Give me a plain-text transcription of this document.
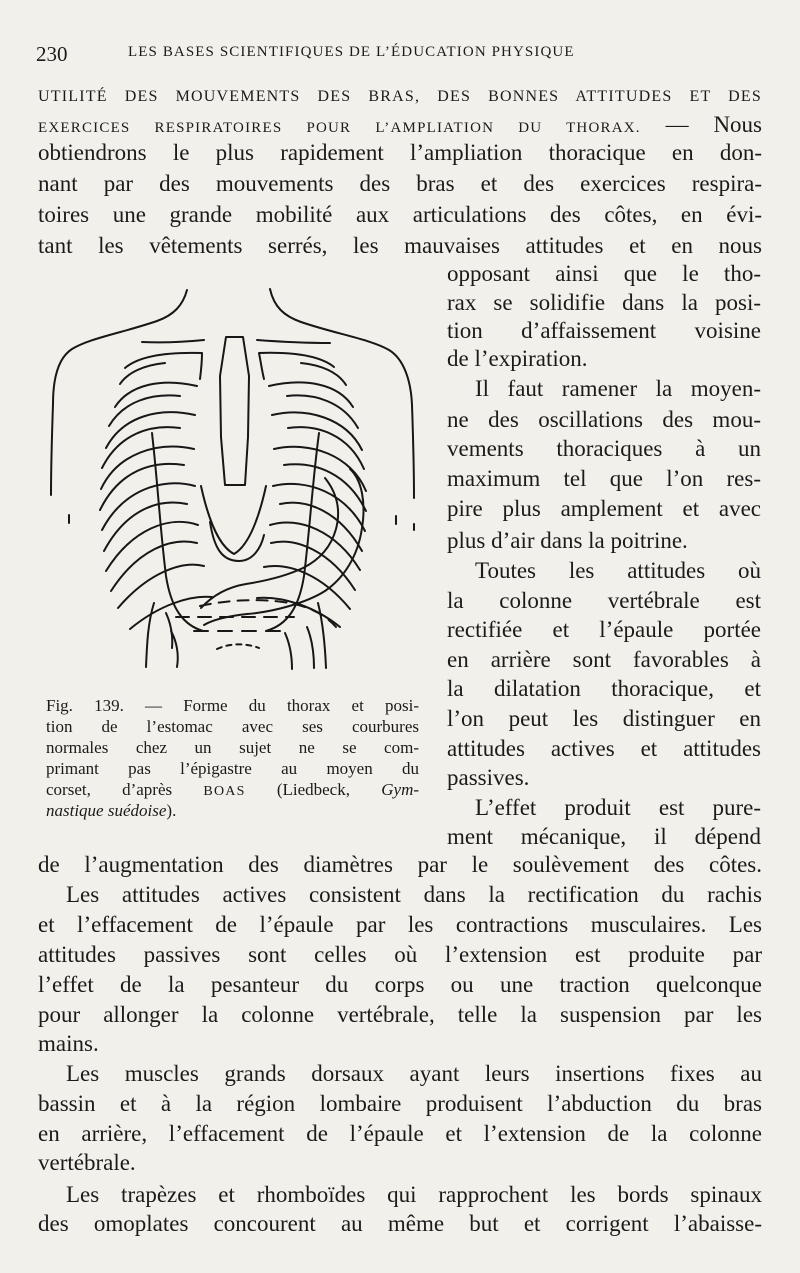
230	LES BASES SCIENTIFIQUES DE L’ÉDUCATION PHYSIQUE
UTILITÉ DES MOUVEMENTS DES BRAS, DES BONNES ATTITUDES ET DES
EXERCICES RESPIRATOIRES POUR L’AMPLIATION DU THORAX. — Nous
obtiendrons le plus rapidement l’ampliation thoracique en don-
nant par des mouvements des bras et des exercices respira-
toires une grande mobilité aux articulations des côtes, en évi-
tant les vêtements serrés, les mauvaises attitudes et en nous
opposant ainsi que le tho-
rax se solidifie dans la posi-
tion d’affaissement voisine
de l’expiration.
Il faut ramener la moyen-
ne des oscillations des mou-
vements thoraciques à un
maximum tel que l’on res-
pire plus amplement et avec
plus d’air dans la poitrine.
Toutes les attitudes où
la colonne vertébrale est
rectifiée et l’épaule portée
en arrière sont favorables à
la dilatation thoracique, et
l’on peut les distinguer en
attitudes actives et attitudes
passives.
L’effet produit est pure-
ment mécanique, il dépend
Fig. 139. — Forme du thorax et posi-
tion de l’estomac avec ses courbures
normales chez un sujet ne se com-
primant pas l’épigastre au moyen du
corset, d’après BOAS (Liedbeck, Gym-
nastique suédoise).
de l’augmentation des diamètres par le soulèvement des côtes.
Les attitudes actives consistent dans la rectification du rachis
et l’effacement de l’épaule par les contractions musculaires. Les
attitudes passives sont celles où l’extension est produite par
l’effet de la pesanteur du corps ou une traction quelconque
pour allonger la colonne vertébrale, telle la suspension par les
mains.
Les muscles grands dorsaux ayant leurs insertions fixes au
bassin et à la région lombaire produisent l’abduction du bras
en arrière, l’effacement de l’épaule et l’extension de la colonne
vertébrale.
Les trapèzes et rhomboïdes qui rapprochent les bords spinaux
des omoplates concourent au même but et corrigent l’abaisse-
